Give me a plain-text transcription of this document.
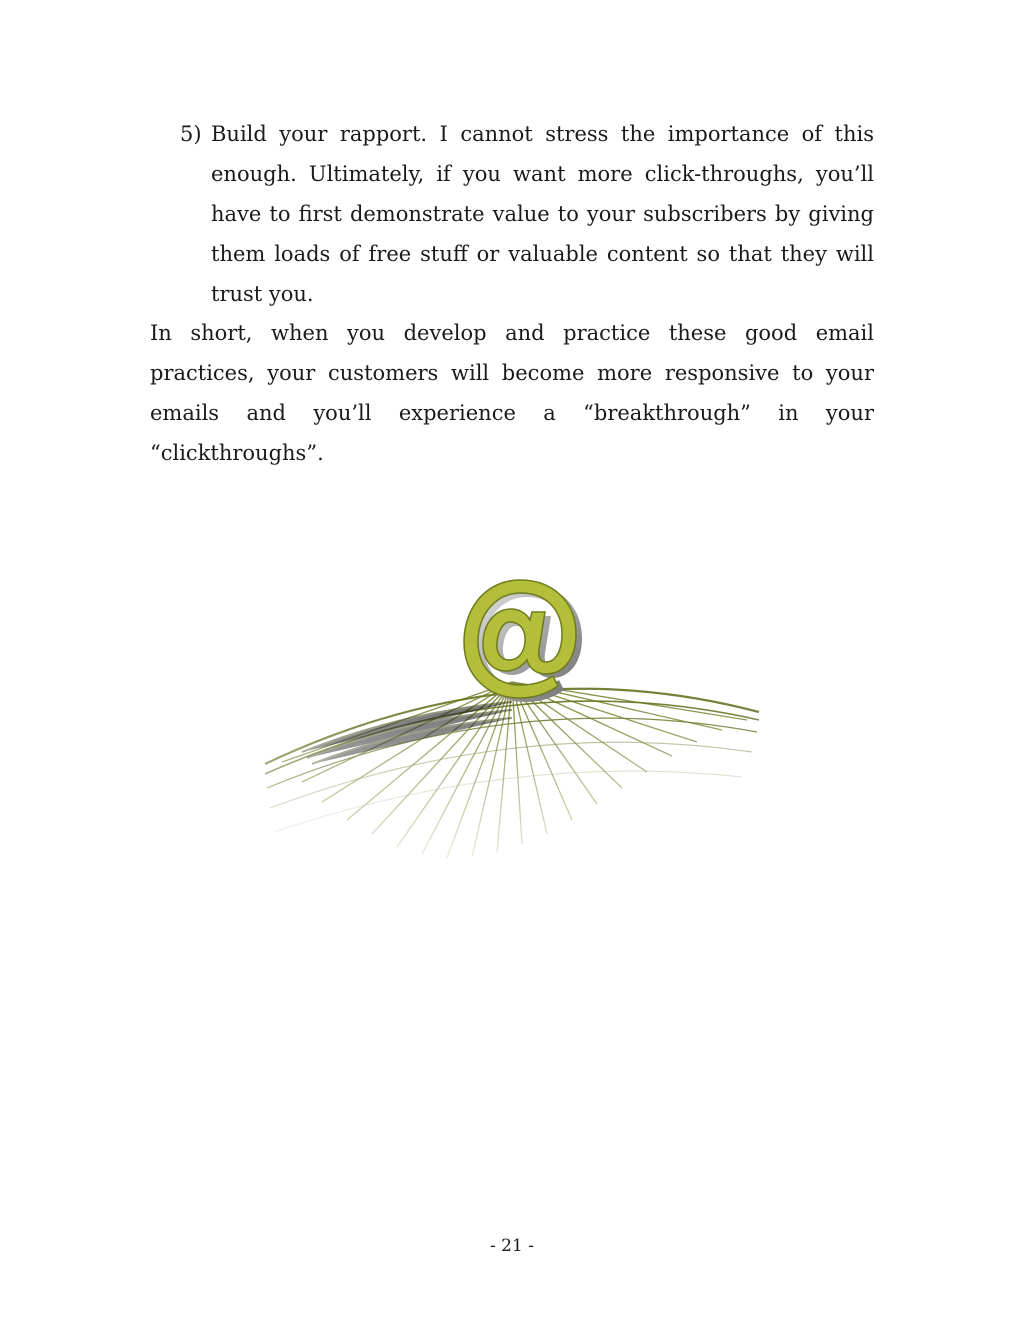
5) Build your rapport. I cannot stress the importance of this enough. Ultimately, if you want more click-throughs, you’ll have to first demonstrate value to your subscribers by giving them loads of free stuff or valuable content so that they will trust you.

In short, when you develop and practice these good email practices, your customers will become more responsive to your emails and you’ll experience a “breakthrough” in your “clickthroughs”.

- 21 -
